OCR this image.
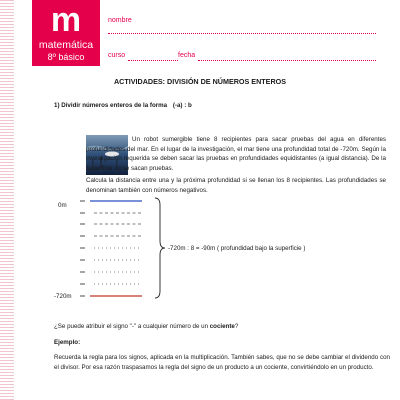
m
matemática
8º básico
nombre
curso	fecha
ACTIVIDADES: DIVISIÓN DE NÚMEROS ENTEROS
1) Dividir números enteros de la forma (-a) : b
Un robot sumergible tiene 8 recipientes para sacar pruebas del agua en diferentes profundidades del mar. En el lugar de la investigación, el mar tiene una profundidad total de -720m. Según la investigación requerida se deben sacar las pruebas en profundidades equidistantes (a igual distancia). De la superficie no se sacan pruebas.
Calcula la distancia entre una y la próxima profundidad si se llenan los 8 recipientes. Las profundidades se denominan también con números negativos.
0m
-720m
-720m : 8 = -90m ( profundidad bajo la superficie )
¿Se puede atribuir el signo "-" a cualquier número de un cociente?
Ejemplo:
Recuerda la regla para los signos, aplicada en la multiplicación. También sabes, que no se debe cambiar el dividendo con el divisor. Por esa razón traspasamos la regla del signo de un producto a un cociente, convirtiéndolo en un producto.
